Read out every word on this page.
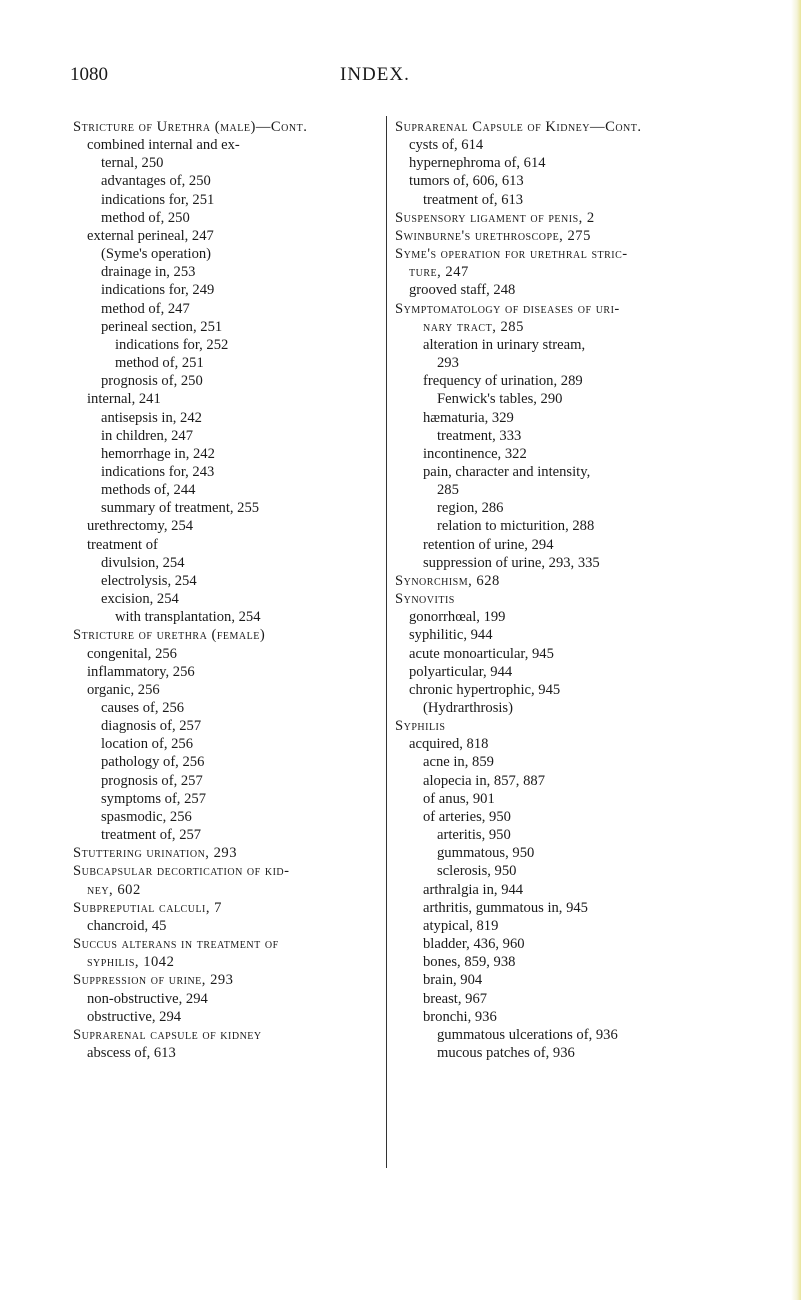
1080	INDEX.
Stricture of Urethra (male)—Cont.
combined internal and ex-
ternal, 250
advantages of, 250
indications for, 251
method of, 250
external perineal, 247
(Syme's operation)
drainage in, 253
indications for, 249
method of, 247
perineal section, 251
indications for, 252
method of, 251
prognosis of, 250
internal, 241
antisepsis in, 242
in children, 247
hemorrhage in, 242
indications for, 243
methods of, 244
summary of treatment, 255
urethrectomy, 254
treatment of
divulsion, 254
electrolysis, 254
excision, 254
with transplantation, 254
Stricture of urethra (female)
congenital, 256
inflammatory, 256
organic, 256
causes of, 256
diagnosis of, 257
location of, 256
pathology of, 256
prognosis of, 257
symptoms of, 257
spasmodic, 256
treatment of, 257
Stuttering urination, 293
Subcapsular decortication of kid-
ney, 602
Subpreputial calculi, 7
chancroid, 45
Succus alterans in treatment of
syphilis, 1042
Suppression of urine, 293
non-obstructive, 294
obstructive, 294
Suprarenal capsule of kidney
abscess of, 613
Suprarenal Capsule of Kidney—Cont.
cysts of, 614
hypernephroma of, 614
tumors of, 606, 613
treatment of, 613
Suspensory ligament of penis, 2
Swinburne's urethroscope, 275
Syme's operation for urethral stric-
ture, 247
grooved staff, 248
Symptomatology of diseases of uri-
nary tract, 285
alteration in urinary stream,
293
frequency of urination, 289
Fenwick's tables, 290
hæmaturia, 329
treatment, 333
incontinence, 322
pain, character and intensity,
285
region, 286
relation to micturition, 288
retention of urine, 294
suppression of urine, 293, 335
Synorchism, 628
Synovitis
gonorrhœal, 199
syphilitic, 944
acute monoarticular, 945
polyarticular, 944
chronic hypertrophic, 945
(Hydrarthrosis)
Syphilis
acquired, 818
acne in, 859
alopecia in, 857, 887
of anus, 901
of arteries, 950
arteritis, 950
gummatous, 950
sclerosis, 950
arthralgia in, 944
arthritis, gummatous in, 945
atypical, 819
bladder, 436, 960
bones, 859, 938
brain, 904
breast, 967
bronchi, 936
gummatous ulcerations of, 936
mucous patches of, 936
